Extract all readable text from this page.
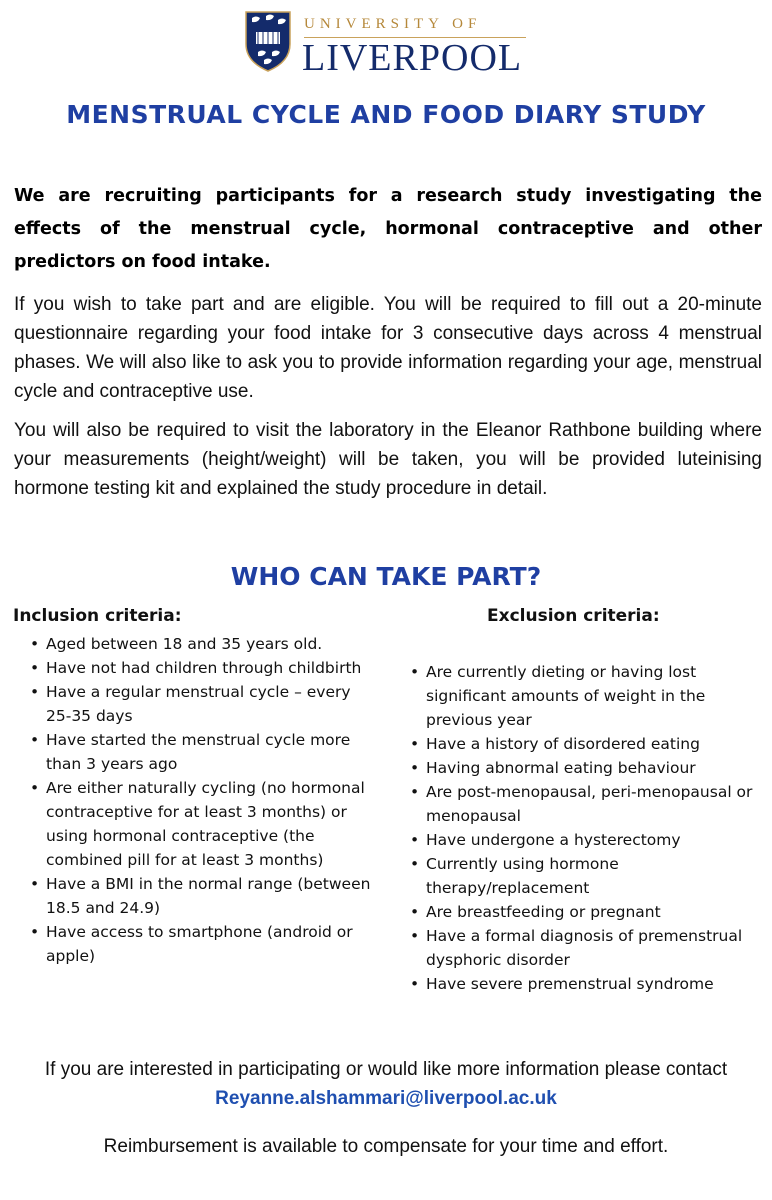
UNIVERSITY OF
LIVERPOOL
MENSTRUAL CYCLE AND FOOD DIARY STUDY

We are recruiting participants for a research study investigating the effects of the menstrual cycle, hormonal contraceptive and other predictors on food intake.

If you wish to take part and are eligible. You will be required to fill out a 20-minute questionnaire regarding your food intake for 3 consecutive days across 4 menstrual phases. We will also like to ask you to provide information regarding your age, menstrual cycle and contraceptive use.

You will also be required to visit the laboratory in the Eleanor Rathbone building where your measurements (height/weight) will be taken, you will be provided luteinising hormone testing kit and explained the study procedure in detail.

WHO CAN TAKE PART?
Inclusion criteria:
• Aged between 18 and 35 years old.
• Have not had children through childbirth
• Have a regular menstrual cycle – every 25-35 days
• Have started the menstrual cycle more than 3 years ago
• Are either naturally cycling (no hormonal contraceptive for at least 3 months) or using hormonal contraceptive (the combined pill for at least 3 months)
• Have a BMI in the normal range (between 18.5 and 24.9)
• Have access to smartphone (android or apple)
Exclusion criteria:
• Are currently dieting or having lost significant amounts of weight in the previous year
• Have a history of disordered eating
• Having abnormal eating behaviour
• Are post-menopausal, peri-menopausal or menopausal
• Have undergone a hysterectomy
• Currently using hormone therapy/replacement
• Are breastfeeding or pregnant
• Have a formal diagnosis of premenstrual dysphoric disorder
• Have severe premenstrual syndrome

If you are interested in participating or would like more information please contact
Reyanne.alshammari@liverpool.ac.uk

Reimbursement is available to compensate for your time and effort.
